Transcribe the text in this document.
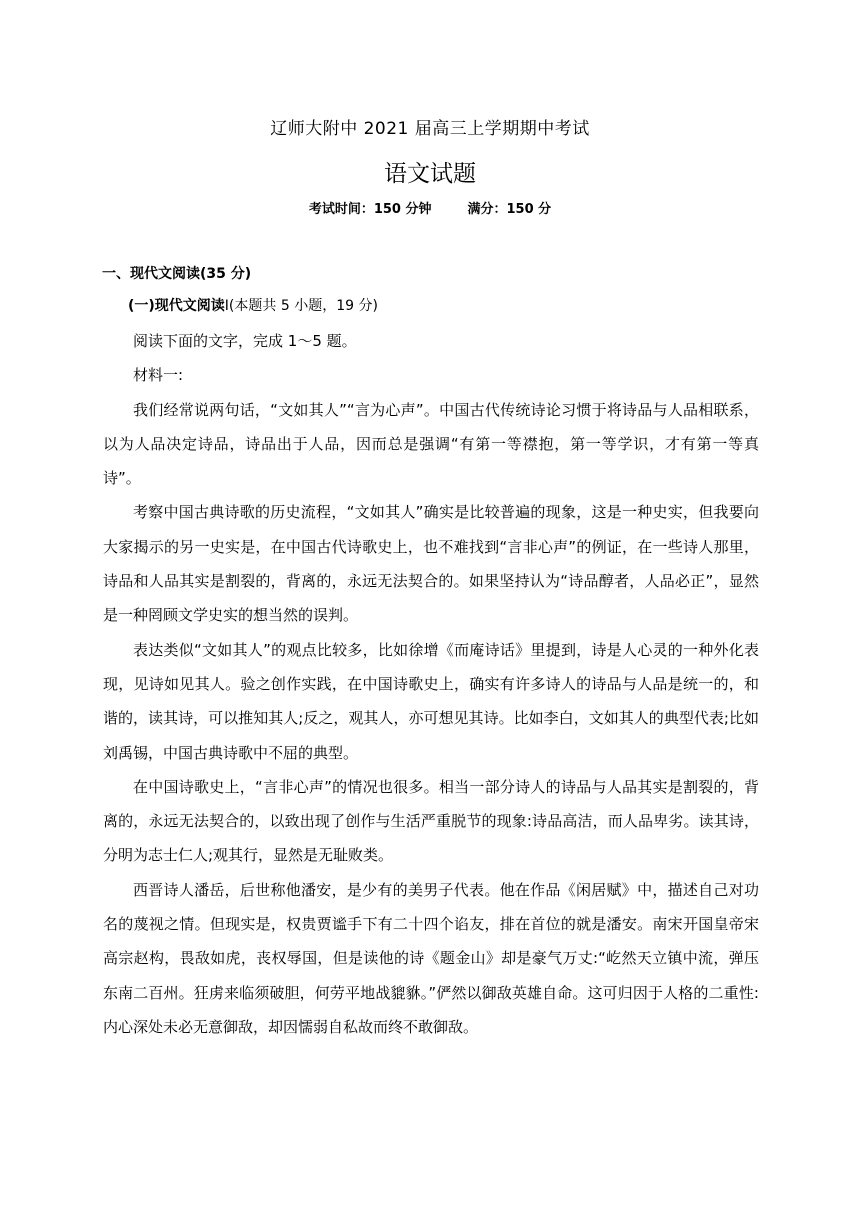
辽师大附中 2021 届高三上学期期中考试
语文试题
考试时间：150 分钟	满分：150 分
一、现代文阅读(35 分)
(一)现代文阅读Ⅰ(本题共 5 小题，19 分)

阅读下面的文字，完成 1～5 题。

材料一:

我们经常说两句话，“文如其人”“言为心声”。中国古代传统诗论习惯于将诗品与人品相联系，以为人品决定诗品，诗品出于人品，因而总是强调“有第一等襟抱，第一等学识，才有第一等真诗”。

考察中国古典诗歌的历史流程，“文如其人”确实是比较普遍的现象，这是一种史实，但我要向大家揭示的另一史实是，在中国古代诗歌史上，也不难找到“言非心声”的例证，在一些诗人那里，诗品和人品其实是割裂的，背离的，永远无法契合的。如果坚持认为“诗品醇者，人品必正”，显然是一种罔顾文学史实的想当然的误判。

表达类似“文如其人”的观点比较多，比如徐增《而庵诗话》里提到，诗是人心灵的一种外化表现，见诗如见其人。验之创作实践，在中国诗歌史上，确实有许多诗人的诗品与人品是统一的，和谐的，读其诗，可以推知其人;反之，观其人，亦可想见其诗。比如李白，文如其人的典型代表;比如刘禹锡，中国古典诗歌中不屈的典型。

在中国诗歌史上，“言非心声”的情况也很多。相当一部分诗人的诗品与人品其实是割裂的，背离的，永远无法契合的，以致出现了创作与生活严重脱节的现象:诗品高洁，而人品卑劣。读其诗，分明为志士仁人;观其行，显然是无耻败类。

西晋诗人潘岳，后世称他潘安，是少有的美男子代表。他在作品《闲居赋》中，描述自己对功名的蔑视之情。但现实是，权贵贾谧手下有二十四个谄友，排在首位的就是潘安。南宋开国皇帝宋高宗赵构，畏敌如虎，丧权辱国，但是读他的诗《题金山》却是豪气万丈:“屹然天立镇中流，弹压东南二百州。狂虏来临须破胆，何劳平地战貔貅。”俨然以御敌英雄自命。这可归因于人格的二重性:内心深处未必无意御敌，却因懦弱自私故而终不敢御敌。
